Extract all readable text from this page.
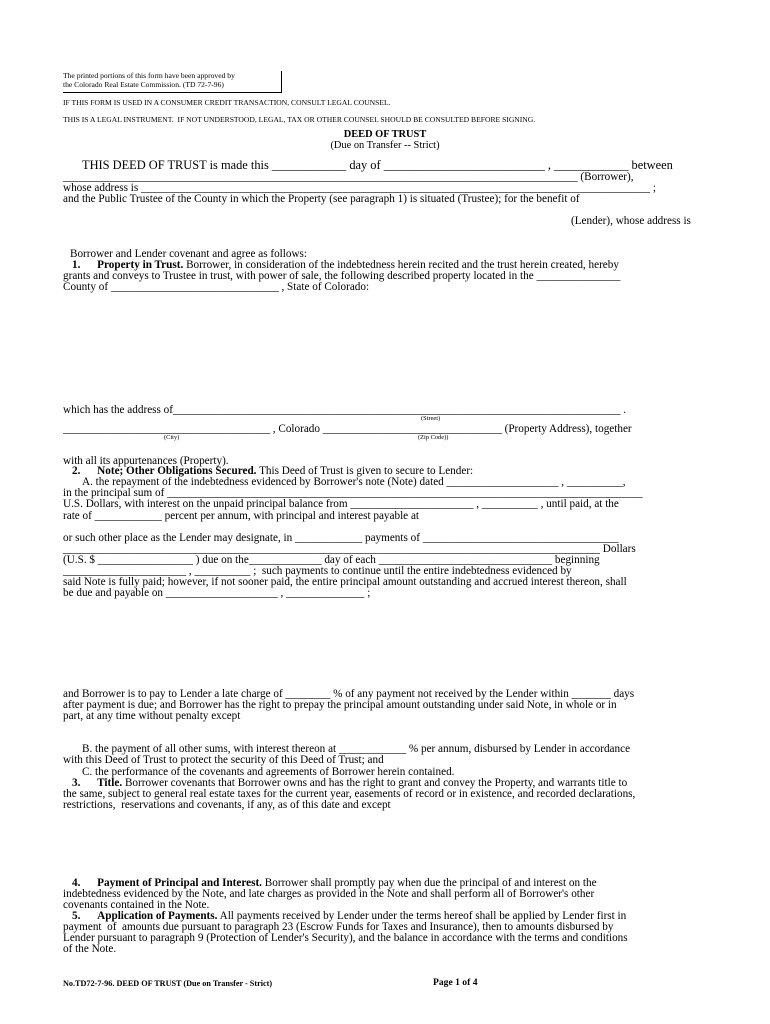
The printed portions of this form have been approved by
the Colorado Real Estate Commission. (TD 72-7-96)
IF THIS FORM IS USED IN A CONSUMER CREDIT TRANSACTION, CONSULT LEGAL COUNSEL.
THIS IS A LEGAL INSTRUMENT.  IF NOT UNDERSTOOD, LEGAL, TAX OR OTHER COUNSEL SHOULD BE CONSULTED BEFORE SIGNING.
DEED OF TRUST
(Due on Transfer -- Strict)
THIS DEED OF TRUST is made this ____________ day of __________________________ , ____________ between
____________________________________________________________________________________________ (Borrower),
whose address is ___________________________________________________________________________________________ ;
and the Public Trustee of the County in which the Property (see paragraph 1) is situated (Trustee); for the benefit of
(Lender), whose address is
Borrower and Lender covenant and agree as follows:
1. Property in Trust. Borrower, in consideration of the indebtedness herein recited and the trust herein created, hereby
grants and conveys to Trustee in trust, with power of sale, the following described property located in the _______________
County of ______________________________ , State of Colorado:
which has the address of________________________________________________________________________________ .
(Street)
_____________________________________ , Colorado ________________________________ (Property Address), together
(City)	(Zip Code))
with all its appurtenances (Property).
2. Note; Other Obligations Secured. This Deed of Trust is given to secure to Lender:
A. the repayment of the indebtedness evidenced by Borrower's note (Note) dated ____________________ , __________,
in the principal sum of _____________________________________________________________________________________
U.S. Dollars, with interest on the unpaid principal balance from ______________________ , __________ , until paid, at the
rate of ____________ percent per annum, with principal and interest payable at
or such other place as the Lender may designate, in ____________ payments of ___________________________________
________________________________________________________________________________________________ Dollars
(U.S. $ _________________ ) due on the_____________ day of each _______________________________ beginning
______________________ , __________ ;  such payments to continue until the entire indebtedness evidenced by
said Note is fully paid; however, if not sooner paid, the entire principal amount outstanding and accrued interest thereon, shall
be due and payable on ____________________ , ______________ ;
and Borrower is to pay to Lender a late charge of ________ % of any payment not received by the Lender within _______ days
after payment is due; and Borrower has the right to prepay the principal amount outstanding under said Note, in whole or in
part, at any time without penalty except
B. the payment of all other sums, with interest thereon at ____________ % per annum, disbursed by Lender in accordance
with this Deed of Trust to protect the security of this Deed of Trust; and
C. the performance of the covenants and agreements of Borrower herein contained.
3. Title. Borrower covenants that Borrower owns and has the right to grant and convey the Property, and warrants title to
the same, subject to general real estate taxes for the current year, easements of record or in existence, and recorded declarations,
restrictions,  reservations and covenants, if any, as of this date and except
4. Payment of Principal and Interest. Borrower shall promptly pay when due the principal of and interest on the
indebtedness evidenced by the Note, and late charges as provided in the Note and shall perform all of Borrower's other
covenants contained in the Note.
5. Application of Payments. All payments received by Lender under the terms hereof shall be applied by Lender first in
payment  of  amounts due pursuant to paragraph 23 (Escrow Funds for Taxes and Insurance), then to amounts disbursed by
Lender pursuant to paragraph 9 (Protection of Lender's Security), and the balance in accordance with the terms and conditions
of the Note.
No.TD72-7-96. DEED OF TRUST (Due on Transfer - Strict)	Page 1 of 4
